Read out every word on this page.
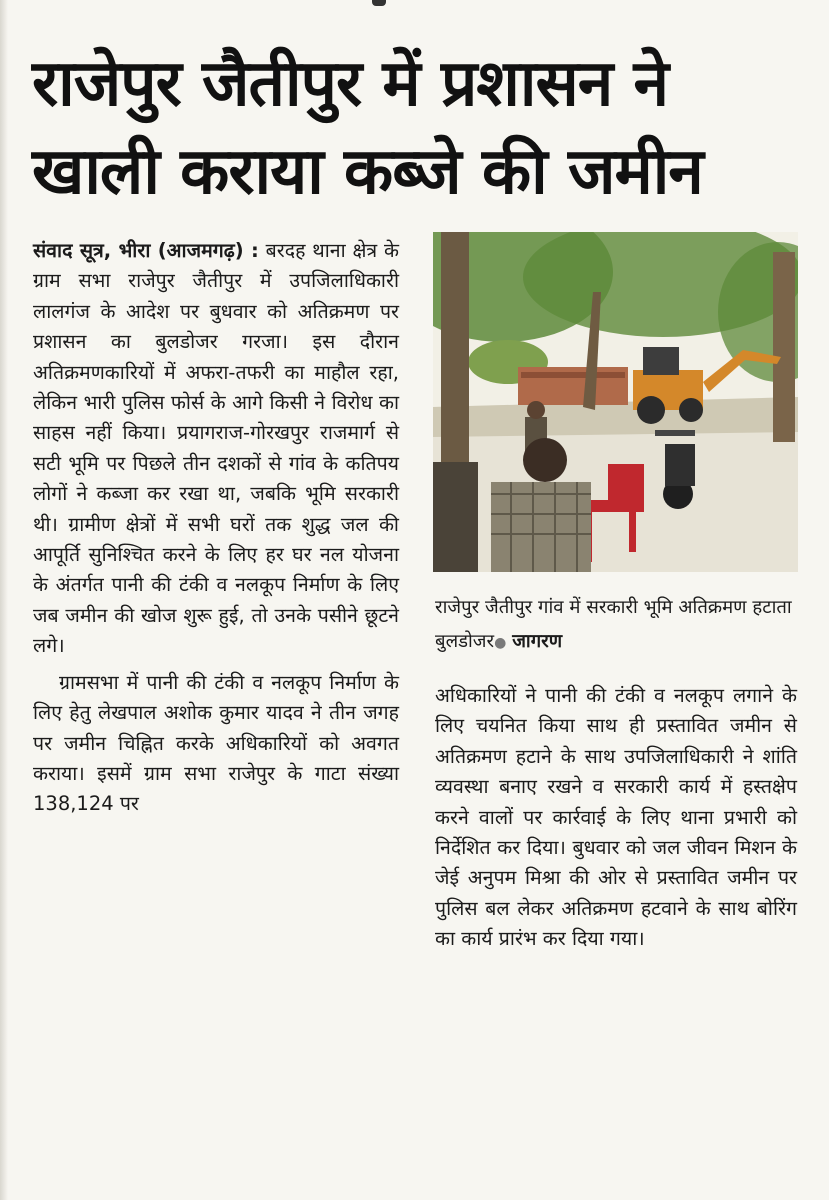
राजेपुर जैतीपुर में प्रशासन ने
खाली कराया कब्जे की जमीन

संवाद सूत्र, भीरा (आजमगढ़) : बरदह थाना क्षेत्र के ग्राम सभा राजेपुर जैतीपुर में उपजिलाधिकारी लालगंज के आदेश पर बुधवार को अतिक्रमण पर प्रशासन का बुलडोजर गरजा। इस दौरान अतिक्रमणकारियों में अफरा-तफरी का माहौल रहा, लेकिन भारी पुलिस फोर्स के आगे किसी ने विरोध का साहस नहीं किया। प्रयागराज-गोरखपुर राजमार्ग से सटी भूमि पर पिछले तीन दशकों से गांव के कतिपय लोगों ने कब्जा कर रखा था, जबकि भूमि सरकारी थी। ग्रामीण क्षेत्रों में सभी घरों तक शुद्ध जल की आपूर्ति सुनिश्चित करने के लिए हर घर नल योजना के अंतर्गत पानी की टंकी व नलकूप निर्माण के लिए जब जमीन की खोज शुरू हुई, तो उनके पसीने छूटने लगे।

ग्रामसभा में पानी की टंकी व नलकूप निर्माण के लिए हेतु लेखपाल अशोक कुमार यादव ने तीन जगह पर जमीन चिह्नित करके अधिकारियों को अवगत कराया। इसमें ग्राम सभा राजेपुर के गाटा संख्या 138,124 पर

राजेपुर जैतीपुर गांव में सरकारी भूमि अतिक्रमण हटाता बुलडोजर● जागरण

अधिकारियों ने पानी की टंकी व नलकूप लगाने के लिए चयनित किया साथ ही प्रस्तावित जमीन से अतिक्रमण हटाने के साथ उपजिलाधिकारी ने शांति व्यवस्था बनाए रखने व सरकारी कार्य में हस्तक्षेप करने वालों पर कार्रवाई के लिए थाना प्रभारी को निर्देशित कर दिया। बुधवार को जल जीवन मिशन के जेई अनुपम मिश्रा की ओर से प्रस्तावित जमीन पर पुलिस बल लेकर अतिक्रमण हटवाने के साथ बोरिंग का कार्य प्रारंभ कर दिया गया।
